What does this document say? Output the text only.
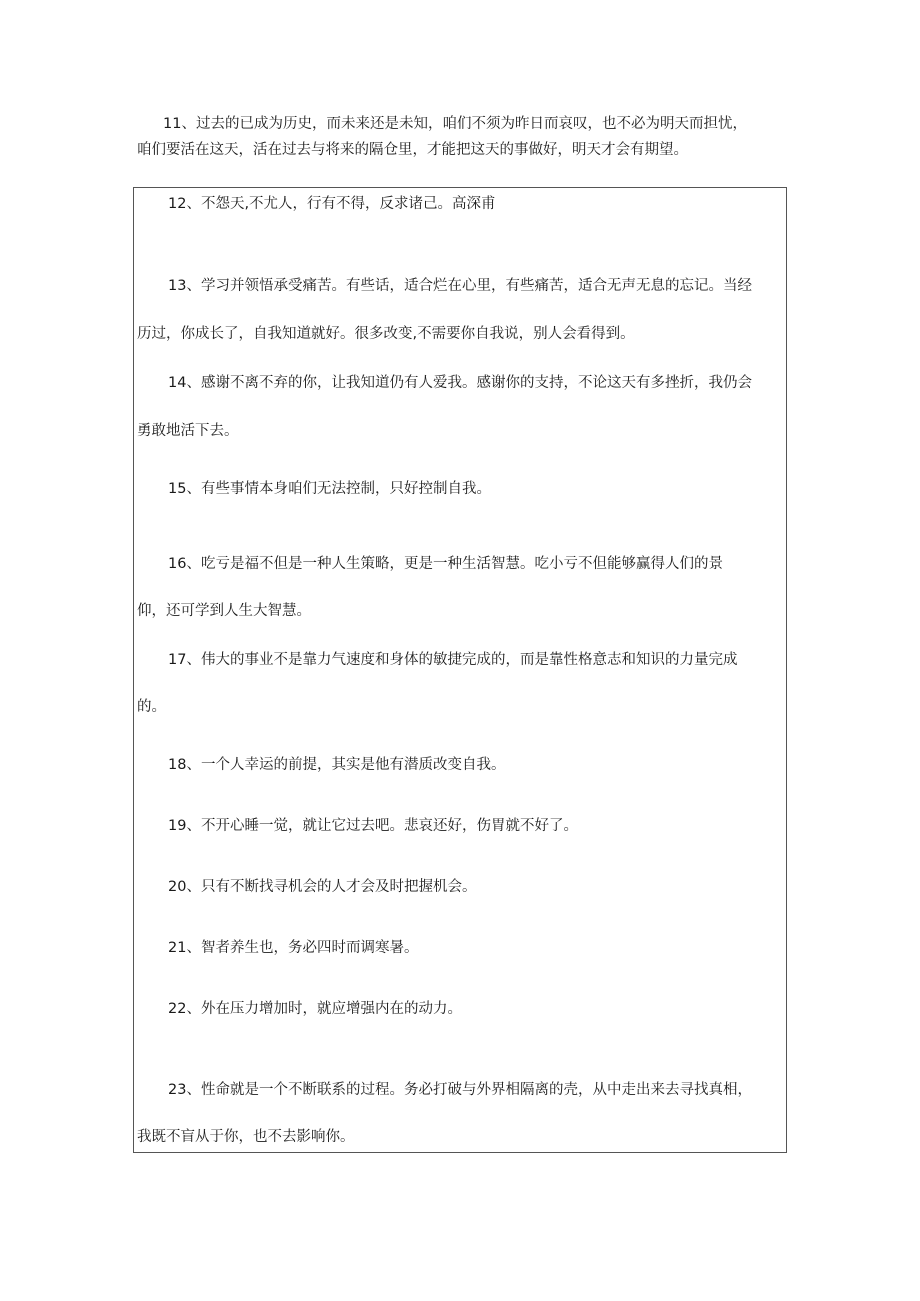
11、过去的已成为历史，而未来还是未知，咱们不须为昨日而哀叹，也不必为明天而担忧，
咱们要活在这天，活在过去与将来的隔仓里，才能把这天的事做好，明天才会有期望。
12、不怨天,不尤人，行有不得，反求诸己。高深甫
13、学习并领悟承受痛苦。有些话，适合烂在心里，有些痛苦，适合无声无息的忘记。当经
历过，你成长了，自我知道就好。很多改变,不需要你自我说，别人会看得到。
14、感谢不离不弃的你，让我知道仍有人爱我。感谢你的支持，不论这天有多挫折，我仍会
勇敢地活下去。
15、有些事情本身咱们无法控制，只好控制自我。
16、吃亏是福不但是一种人生策略，更是一种生活智慧。吃小亏不但能够赢得人们的景
仰，还可学到人生大智慧。
17、伟大的事业不是靠力气速度和身体的敏捷完成的，而是靠性格意志和知识的力量完成
的。
18、一个人幸运的前提，其实是他有潜质改变自我。
19、不开心睡一觉，就让它过去吧。悲哀还好，伤胃就不好了。
20、只有不断找寻机会的人才会及时把握机会。
21、智者养生也，务必四时而调寒暑。
22、外在压力增加时，就应增强内在的动力。
23、性命就是一个不断联系的过程。务必打破与外界相隔离的壳，从中走出来去寻找真相，
我既不盲从于你，也不去影响你。
